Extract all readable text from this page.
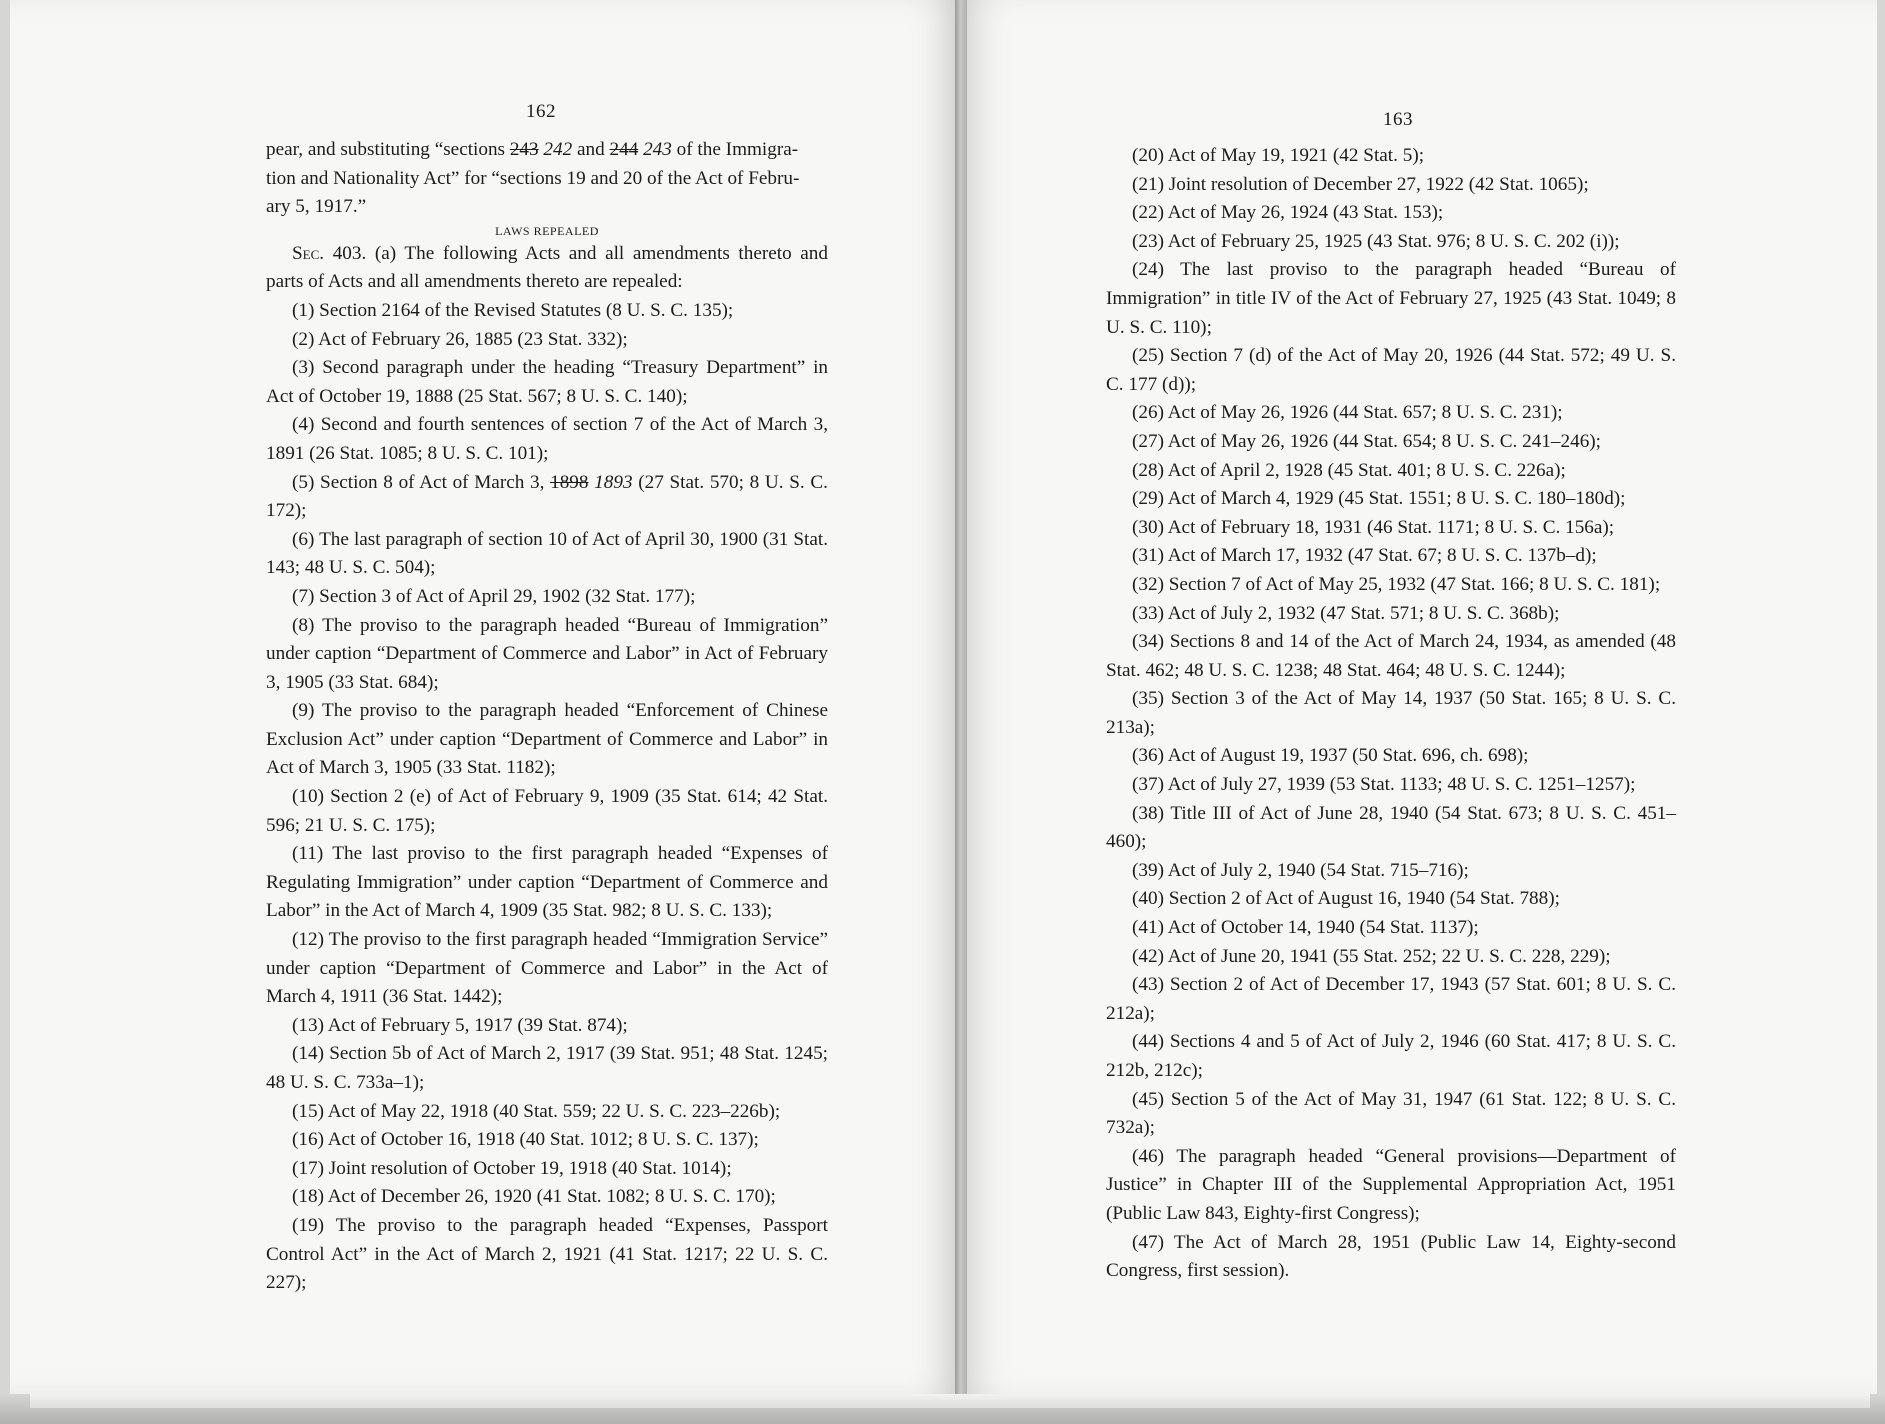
162

pear, and substituting “sections 243 242 and 244 243 of the Immigra-

tion and Nationality Act” for “sections 19 and 20 of the Act of Febru-

ary 5, 1917.”

LAWS REPEALED

Sec. 403. (a) The following Acts and all amendments thereto and parts of Acts and all amendments thereto are repealed:

(1) Section 2164 of the Revised Statutes (8 U. S. C. 135);

(2) Act of February 26, 1885 (23 Stat. 332);

(3) Second paragraph under the heading “Treasury Department” in Act of October 19, 1888 (25 Stat. 567; 8 U. S. C. 140);

(4) Second and fourth sentences of section 7 of the Act of March 3, 1891 (26 Stat. 1085; 8 U. S. C. 101);

(5) Section 8 of Act of March 3, 1898 1893 (27 Stat. 570; 8 U. S. C. 172);

(6) The last paragraph of section 10 of Act of April 30, 1900 (31 Stat. 143; 48 U. S. C. 504);

(7) Section 3 of Act of April 29, 1902 (32 Stat. 177);

(8) The proviso to the paragraph headed “Bureau of Immigration” under caption “Department of Commerce and Labor” in Act of February 3, 1905 (33 Stat. 684);

(9) The proviso to the paragraph headed “Enforcement of Chinese Exclusion Act” under caption “Department of Commerce and Labor” in Act of March 3, 1905 (33 Stat. 1182);

(10) Section 2 (e) of Act of February 9, 1909 (35 Stat. 614; 42 Stat. 596; 21 U. S. C. 175);

(11) The last proviso to the first paragraph headed “Expenses of Regulating Immigration” under caption “Department of Commerce and Labor” in the Act of March 4, 1909 (35 Stat. 982; 8 U. S. C. 133);

(12) The proviso to the first paragraph headed “Immigration Service” under caption “Department of Commerce and Labor” in the Act of March 4, 1911 (36 Stat. 1442);

(13) Act of February 5, 1917 (39 Stat. 874);

(14) Section 5b of Act of March 2, 1917 (39 Stat. 951; 48 Stat. 1245; 48 U. S. C. 733a–1);

(15) Act of May 22, 1918 (40 Stat. 559; 22 U. S. C. 223–226b);

(16) Act of October 16, 1918 (40 Stat. 1012; 8 U. S. C. 137);

(17) Joint resolution of October 19, 1918 (40 Stat. 1014);

(18) Act of December 26, 1920 (41 Stat. 1082; 8 U. S. C. 170);

(19) The proviso to the paragraph headed “Expenses, Passport Control Act” in the Act of March 2, 1921 (41 Stat. 1217; 22 U. S. C. 227);

163

(20) Act of May 19, 1921 (42 Stat. 5);

(21) Joint resolution of December 27, 1922 (42 Stat. 1065);

(22) Act of May 26, 1924 (43 Stat. 153);

(23) Act of February 25, 1925 (43 Stat. 976; 8 U. S. C. 202 (i));

(24) The last proviso to the paragraph headed “Bureau of Immigration” in title IV of the Act of February 27, 1925 (43 Stat. 1049; 8 U. S. C. 110);

(25) Section 7 (d) of the Act of May 20, 1926 (44 Stat. 572; 49 U. S. C. 177 (d));

(26) Act of May 26, 1926 (44 Stat. 657; 8 U. S. C. 231);

(27) Act of May 26, 1926 (44 Stat. 654; 8 U. S. C. 241–246);

(28) Act of April 2, 1928 (45 Stat. 401; 8 U. S. C. 226a);

(29) Act of March 4, 1929 (45 Stat. 1551; 8 U. S. C. 180–180d);

(30) Act of February 18, 1931 (46 Stat. 1171; 8 U. S. C. 156a);

(31) Act of March 17, 1932 (47 Stat. 67; 8 U. S. C. 137b–d);

(32) Section 7 of Act of May 25, 1932 (47 Stat. 166; 8 U. S. C. 181);

(33) Act of July 2, 1932 (47 Stat. 571; 8 U. S. C. 368b);

(34) Sections 8 and 14 of the Act of March 24, 1934, as amended (48 Stat. 462; 48 U. S. C. 1238; 48 Stat. 464; 48 U. S. C. 1244);

(35) Section 3 of the Act of May 14, 1937 (50 Stat. 165; 8 U. S. C. 213a);

(36) Act of August 19, 1937 (50 Stat. 696, ch. 698);

(37) Act of July 27, 1939 (53 Stat. 1133; 48 U. S. C. 1251–1257);

(38) Title III of Act of June 28, 1940 (54 Stat. 673; 8 U. S. C. 451–460);

(39) Act of July 2, 1940 (54 Stat. 715–716);

(40) Section 2 of Act of August 16, 1940 (54 Stat. 788);

(41) Act of October 14, 1940 (54 Stat. 1137);

(42) Act of June 20, 1941 (55 Stat. 252; 22 U. S. C. 228, 229);

(43) Section 2 of Act of December 17, 1943 (57 Stat. 601; 8 U. S. C. 212a);

(44) Sections 4 and 5 of Act of July 2, 1946 (60 Stat. 417; 8 U. S. C. 212b, 212c);

(45) Section 5 of the Act of May 31, 1947 (61 Stat. 122; 8 U. S. C. 732a);

(46) The paragraph headed “General provisions—Department of Justice” in Chapter III of the Supplemental Appropriation Act, 1951 (Public Law 843, Eighty-first Congress);

(47) The Act of March 28, 1951 (Public Law 14, Eighty-second Congress, first session).
